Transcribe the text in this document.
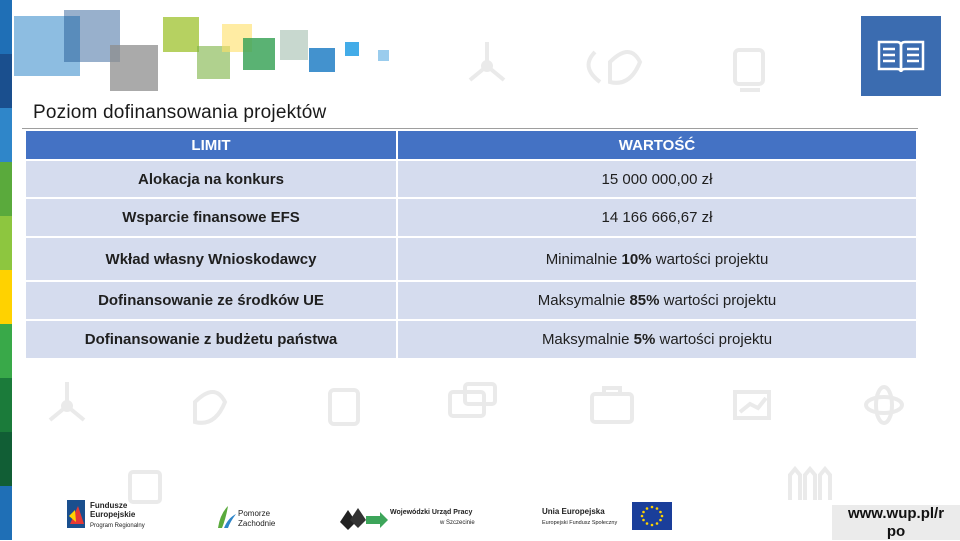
Poziom dofinansowania projektów
LIMIT	WARTOŚĆ
Alokacja na konkurs	15 000 000,00 zł
Wsparcie finansowe EFS	14 166 666,67 zł
Wkład własny Wnioskodawcy	Minimalnie 10% wartości projektu
Dofinansowanie ze środków UE	Maksymalnie 85% wartości projektu
Dofinansowanie z budżetu państwa	Maksymalnie 5% wartości projektu
Fundusze
Europejskie
Program Regionalny
Pomorze
Zachodnie
Wojewódzki Urząd Pracy
w Szczecinie
Unia Europejska
Europejski Fundusz Społeczny
www.wup.pl/r
po
